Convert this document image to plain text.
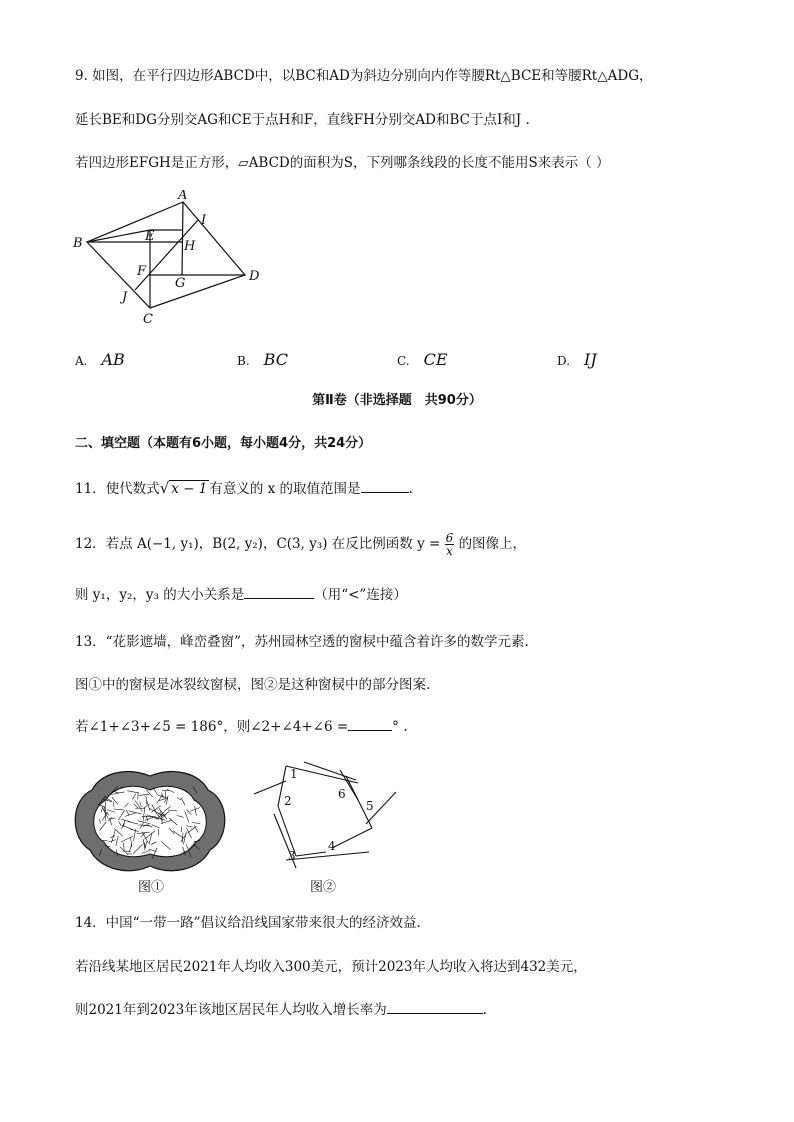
9. 如图，在平行四边形ABCD中，以BC和AD为斜边分别向内作等腰Rt△BCE和等腰Rt△ADG，
延长BE和DG分别交AG和CE于点H和F，直线FH分别交AD和BC于点I和J .
若四边形EFGH是正方形，▱ABCD的面积为S，下列哪条线段的长度不能用S来表示（ ）
A
I
B	E
H
F
G	D
J
C
A. AB	B. BC	C. CE	D. IJ
第Ⅱ卷（非选择题　共90分）
二、填空题（本题有6小题，每小题4分，共24分）
11．使代数式√ x − 1 有意义的 x 的取值范围是	.
12．若点 A(−1, y₁)，B(2, y₂)，C(3, y₃) 在反比例函数 $y = \frac{6}{x}$ 的图像上，
则 y₁，y₂，y₃ 的大小关系是	（用“<”连接）
13．“花影遮墙，峰峦叠窗”，苏州园林空透的窗棂中蕴含着许多的数学元素.
图①中的窗棂是冰裂纹窗棂，图②是这种窗棂中的部分图案.
若∠1+∠3+∠5 = 186°，则∠2+∠4+∠6 =	° .
图①
1
2
3
4
5
6
图②
14．中国“一带一路”倡议给沿线国家带来很大的经济效益.
若沿线某地区居民2021年人均收入300美元，预计2023年人均收入将达到432美元，
则2021年到2023年该地区居民年人均收入增长率为	.
